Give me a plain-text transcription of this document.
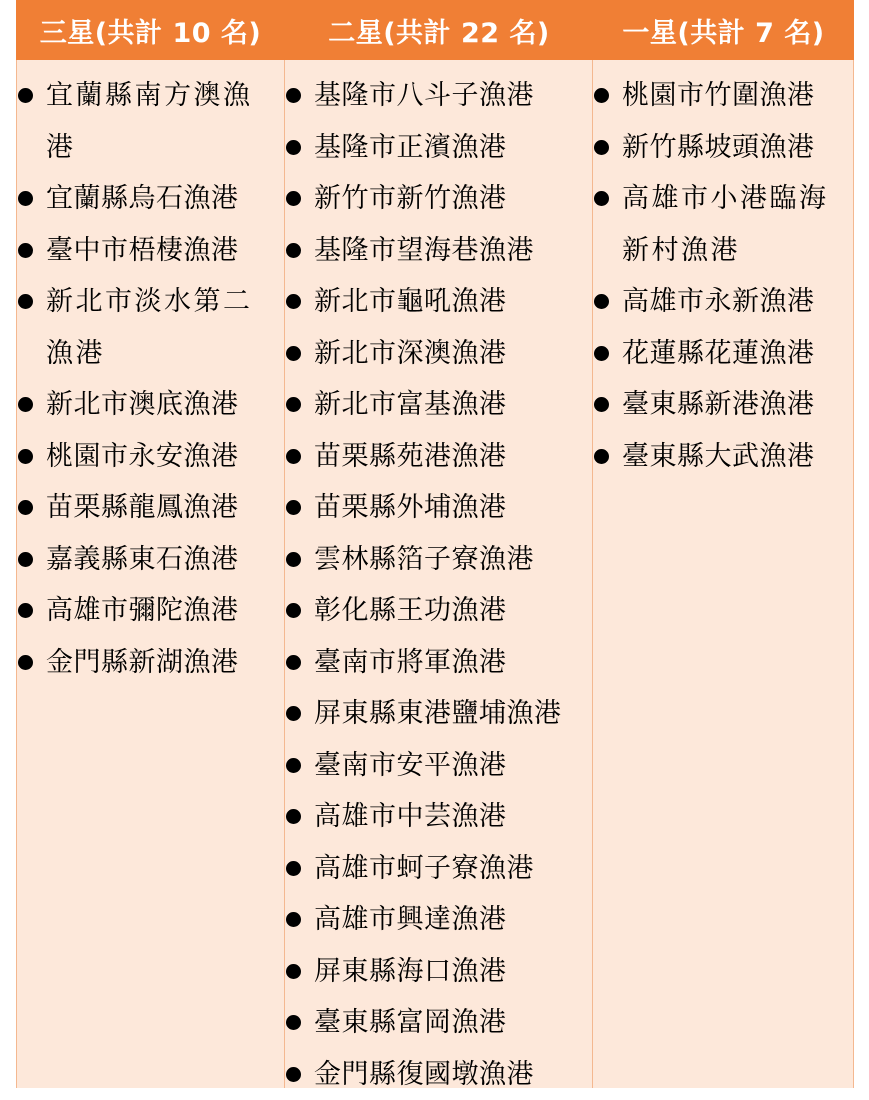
三星(共計 10 名)	二星(共計 22 名)	一星(共計 7 名)
宜蘭縣南方澳漁港
宜蘭縣烏石漁港
臺中市梧棲漁港
新北市淡水第二漁港
新北市澳底漁港
桃園市永安漁港
苗栗縣龍鳳漁港
嘉義縣東石漁港
高雄市彌陀漁港
金門縣新湖漁港
基隆市八斗子漁港
基隆市正濱漁港
新竹市新竹漁港
基隆市望海巷漁港
新北市龜吼漁港
新北市深澳漁港
新北市富基漁港
苗栗縣苑港漁港
苗栗縣外埔漁港
雲林縣箔子寮漁港
彰化縣王功漁港
臺南市將軍漁港
屏東縣東港鹽埔漁港
臺南市安平漁港
高雄市中芸漁港
高雄市蚵子寮漁港
高雄市興達漁港
屏東縣海口漁港
臺東縣富岡漁港
金門縣復國墩漁港
桃園市竹圍漁港
新竹縣坡頭漁港
高雄市小港臨海新村漁港
高雄市永新漁港
花蓮縣花蓮漁港
臺東縣新港漁港
臺東縣大武漁港
